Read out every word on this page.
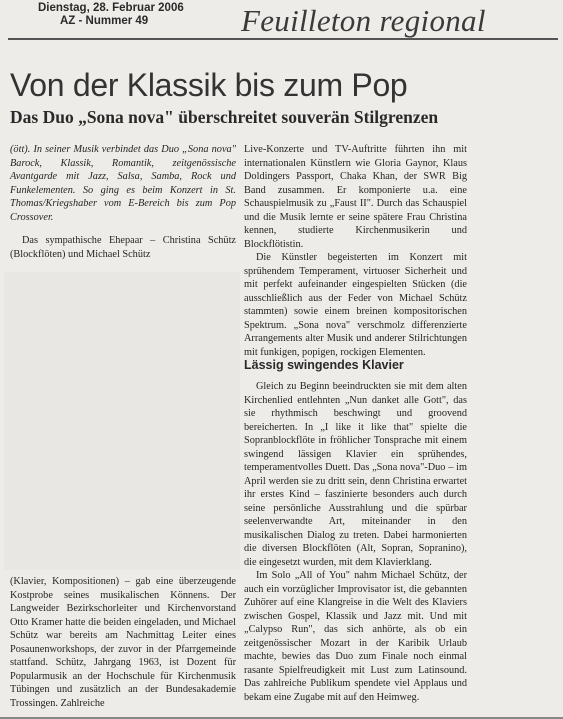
Dienstag, 28. Februar 2006
AZ - Nummer 49	Feuilleton regional
Von der Klassik bis zum Pop
Das Duo „Sona nova" überschreitet souverän Stilgrenzen

(ött). In seiner Musik verbindet das Duo „Sona nova" Barock, Klassik, Romantik, zeitgenössische Avantgarde mit Jazz, Salsa, Samba, Rock und Funkelementen. So ging es beim Konzert in St. Thomas/Kriegshaber vom E-Bereich bis zum Pop Crossover.

Das sympathische Ehepaar – Christina Schütz (Blockflöten) und Michael Schütz

(Klavier, Kompositionen) – gab eine überzeugende Kostprobe seines musikalischen Könnens. Der Langweider Bezirkschorleiter und Kirchenvorstand Otto Kramer hatte die beiden eingeladen, und Michael Schütz war bereits am Nachmittag Leiter eines Posaunenworkshops, der zuvor in der Pfarrgemeinde stattfand. Schütz, Jahrgang 1963, ist Dozent für Popularmusik an der Hochschule für Kirchenmusik Tübingen und zusätzlich an der Bundesakademie Trossingen. Zahlreiche

Live-Konzerte und TV-Auftritte führten ihn mit internationalen Künstlern wie Gloria Gaynor, Klaus Doldingers Passport, Chaka Khan, der SWR Big Band zusammen. Er komponierte u.a. eine Schauspielmusik zu „Faust II". Durch das Schauspiel und die Musik lernte er seine spätere Frau Christina kennen, studierte Kirchenmusikerin und Blockflötistin.

Die Künstler begeisterten im Konzert mit sprühendem Temperament, virtuoser Sicherheit und mit perfekt aufeinander eingespielten Stücken (die ausschließlich aus der Feder von Michael Schütz stammten) sowie einem breinen kompositorischen Spektrum. „Sona nova" verschmolz differenzierte Arrangements alter Musik und anderer Stilrichtungen mit funkigen, popigen, rockigen Elementen.

Lässig swingendes Klavier

Gleich zu Beginn beeindruckten sie mit dem alten Kirchenlied entlehnten „Nun danket alle Gott", das sie rhythmisch beschwingt und groovend bereicherten. In „I like it like that" spielte die Sopranblockflöte in fröhlicher Tonsprache mit einem swingend lässigen Klavier ein sprühendes, temperamentvolles Duett. Das „Sona nova"-Duo – im April werden sie zu dritt sein, denn Christina erwartet ihr erstes Kind – faszinierte besonders auch durch seine persönliche Ausstrahlung und die spürbar seelenverwandte Art, miteinander in den musikalischen Dialog zu treten. Dabei harmonierten die diversen Blockflöten (Alt, Sopran, Sopranino), die eingesetzt wurden, mit dem Klavierklang.

Im Solo „All of You" nahm Michael Schütz, der auch ein vorzüglicher Improvisator ist, die gebannten Zuhörer auf eine Klangreise in die Welt des Klaviers zwischen Gospel, Klassik und Jazz mit. Und mit „Calypso Run", das sich anhörte, als ob ein zeitgenössischer Mozart in der Karibik Urlaub machte, bewies das Duo zum Finale noch einmal rasante Spielfreudigkeit mit Lust zum Latinsound. Das zahlreiche Publikum spendete viel Applaus und bekam eine Zugabe mit auf den Heimweg.
